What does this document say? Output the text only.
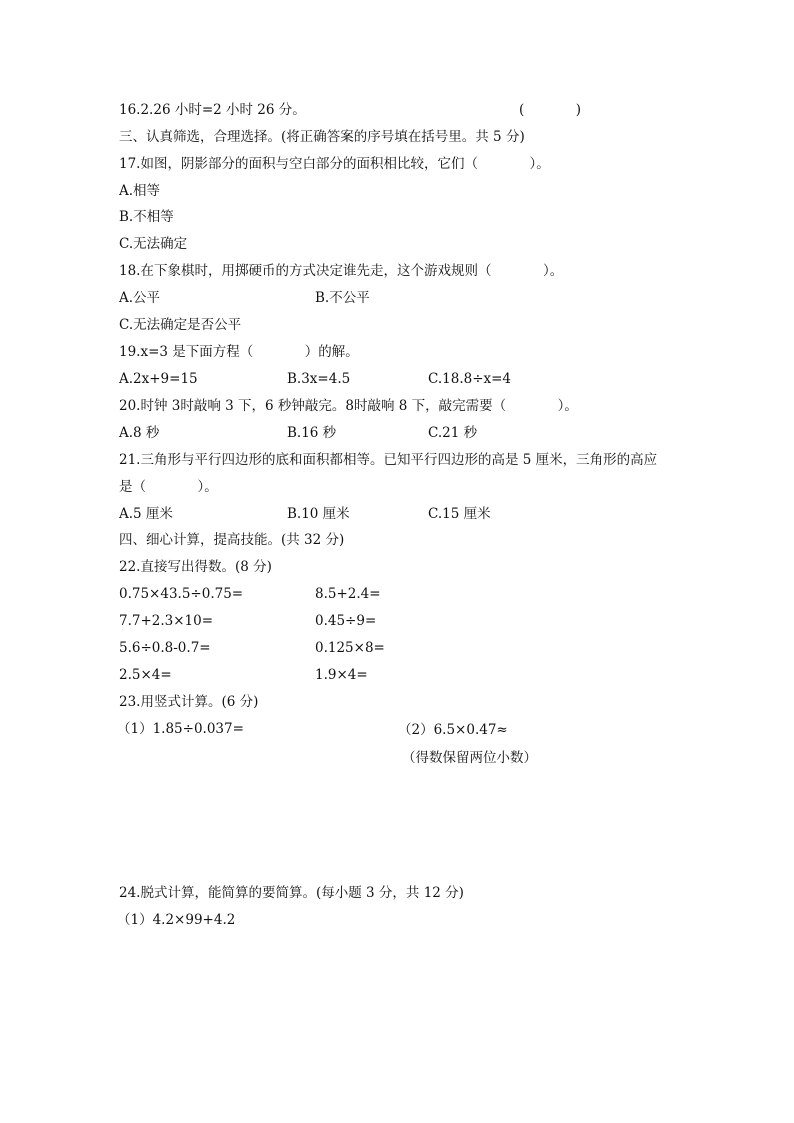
16.2.26 小时=2 小时 26 分。	(            )
三、认真筛选，合理选择。(将正确答案的序号填在括号里。共 5 分)
17.如图，阴影部分的面积与空白部分的面积相比较，它们（            ）。
A.相等
B.不相等
C.无法确定
18.在下象棋时，用掷硬币的方式决定谁先走，这个游戏规则（            ）。
A.公平	B.不公平
C.无法确定是否公平
19.x=3 是下面方程（            ）的解。
A.2x+9=15	B.3x=4.5	C.18.8÷x=4
20.时钟 3时敲响 3 下，6 秒钟敲完。8时敲响 8 下，敲完需要（            ）。
A.8 秒	B.16 秒	C.21 秒
21.三角形与平行四边形的底和面积都相等。已知平行四边形的高是 5 厘米，三角形的高应
是（            ）。
A.5 厘米	B.10 厘米	C.15 厘米
四、细心计算，提高技能。(共 32 分)
22.直接写出得数。(8 分)
0.75×43.5÷0.75=	8.5+2.4=
7.7+2.3×10=	0.45÷9=
5.6÷0.8-0.7=	0.125×8=
2.5×4=	1.9×4=
23.用竖式计算。(6 分)
（1）1.85÷0.037=	（2）6.5×0.47≈
（得数保留两位小数）
24.脱式计算，能简算的要简算。(每小题 3 分，共 12 分)
（1）4.2×99+4.2
